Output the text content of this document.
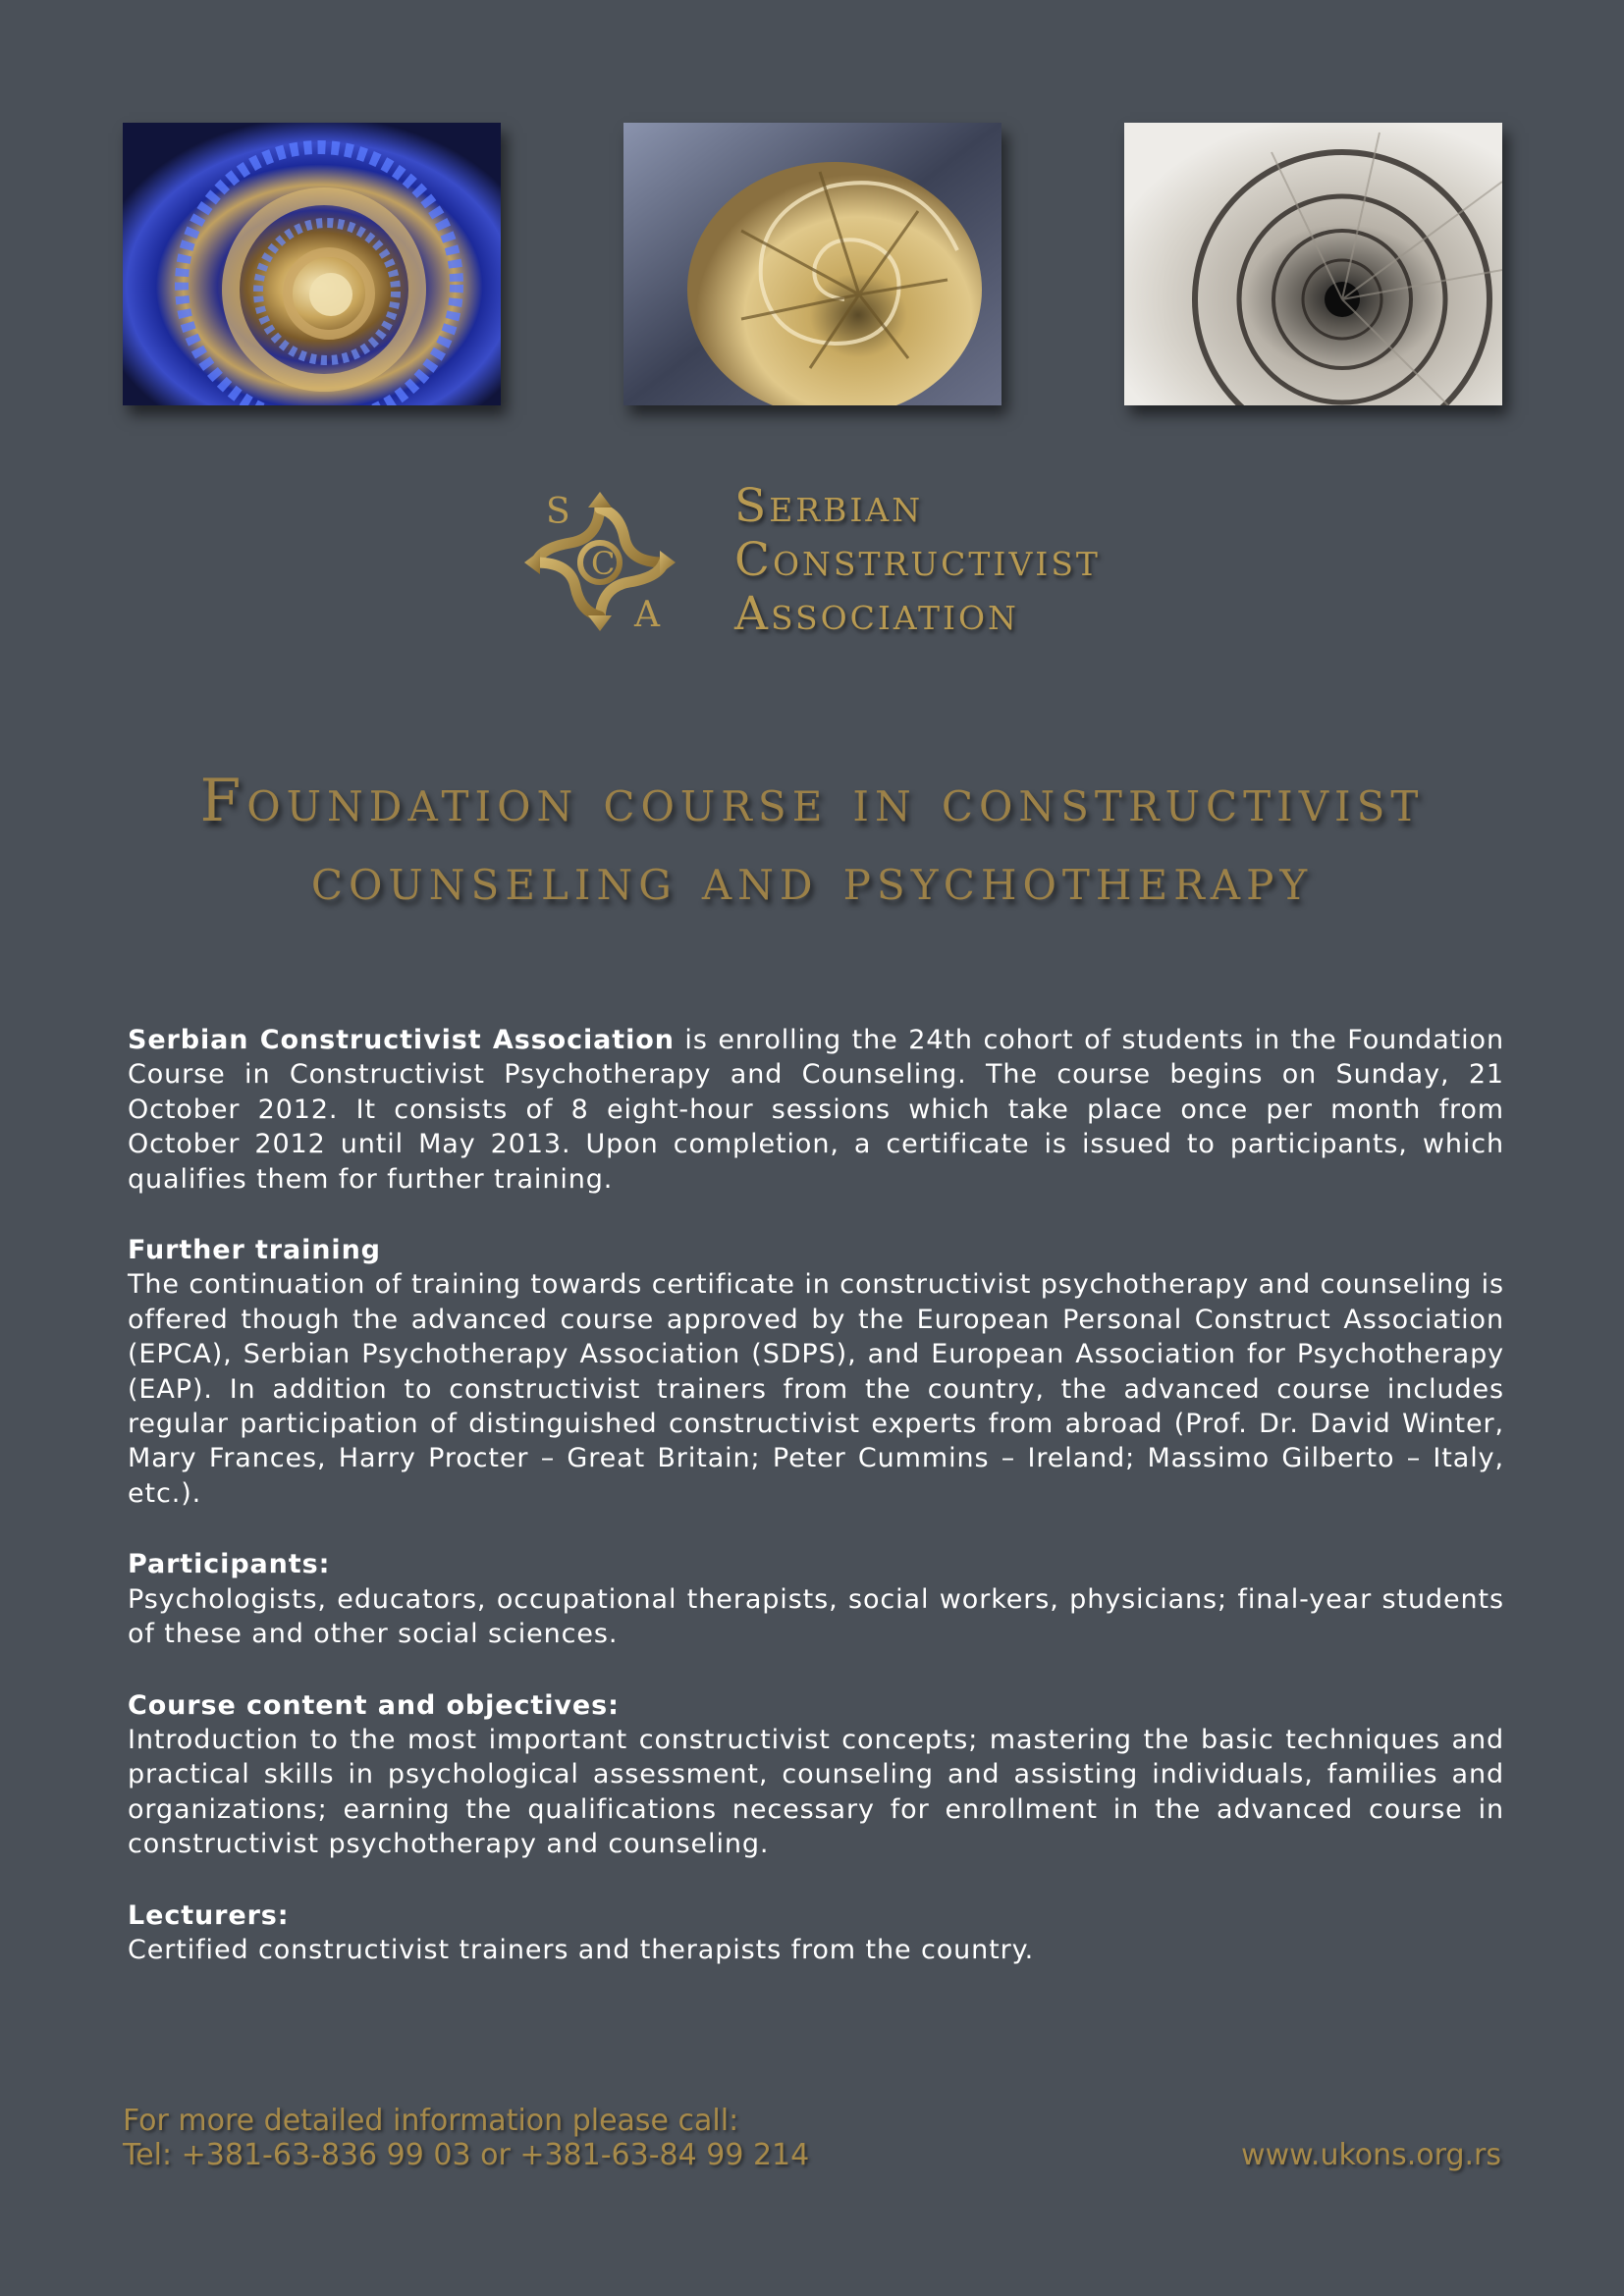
S
C
A
Serbian
Constructivist
Association
Foundation course in constructivist
counseling and psychotherapy

Serbian Constructivist Association is enrolling the 24th cohort of students in the Foundation Course in Constructivist Psychotherapy and Counseling. The course begins on Sunday, 21 October 2012. It consists of 8 eight-hour sessions which take place once per month from October 2012 until May 2013. Upon completion, a certificate is issued to participants, which qualifies them for further training.

Further training

The continuation of training towards certificate in constructivist psychotherapy and counseling is offered though the advanced course approved by the European Personal Construct Association (EPCA), Serbian Psychotherapy Association (SDPS), and European Association for Psychotherapy (EAP). In addition to constructivist trainers from the country, the advanced course includes regular participation of distinguished constructivist experts from abroad (Prof. Dr. David Winter, Mary Frances, Harry Procter – Great Britain; Peter Cummins – Ireland; Massimo Gilberto – Italy, etc.).

Participants:

Psychologists, educators, occupational therapists, social workers, physicians; final-year students of these and other social sciences.

Course content and objectives:

Introduction to the most important constructivist concepts; mastering the basic techniques and practical skills in psychological assessment, counseling and assisting individuals, families and organizations; earning the qualifications necessary for enrollment in the advanced course in constructivist psychotherapy and counseling.

Lecturers:

Certified constructivist trainers and therapists from the country.

For more detailed information please call:
Tel: +381-63-836 99 03 or +381-63-84 99 214	www.ukons.org.rs
